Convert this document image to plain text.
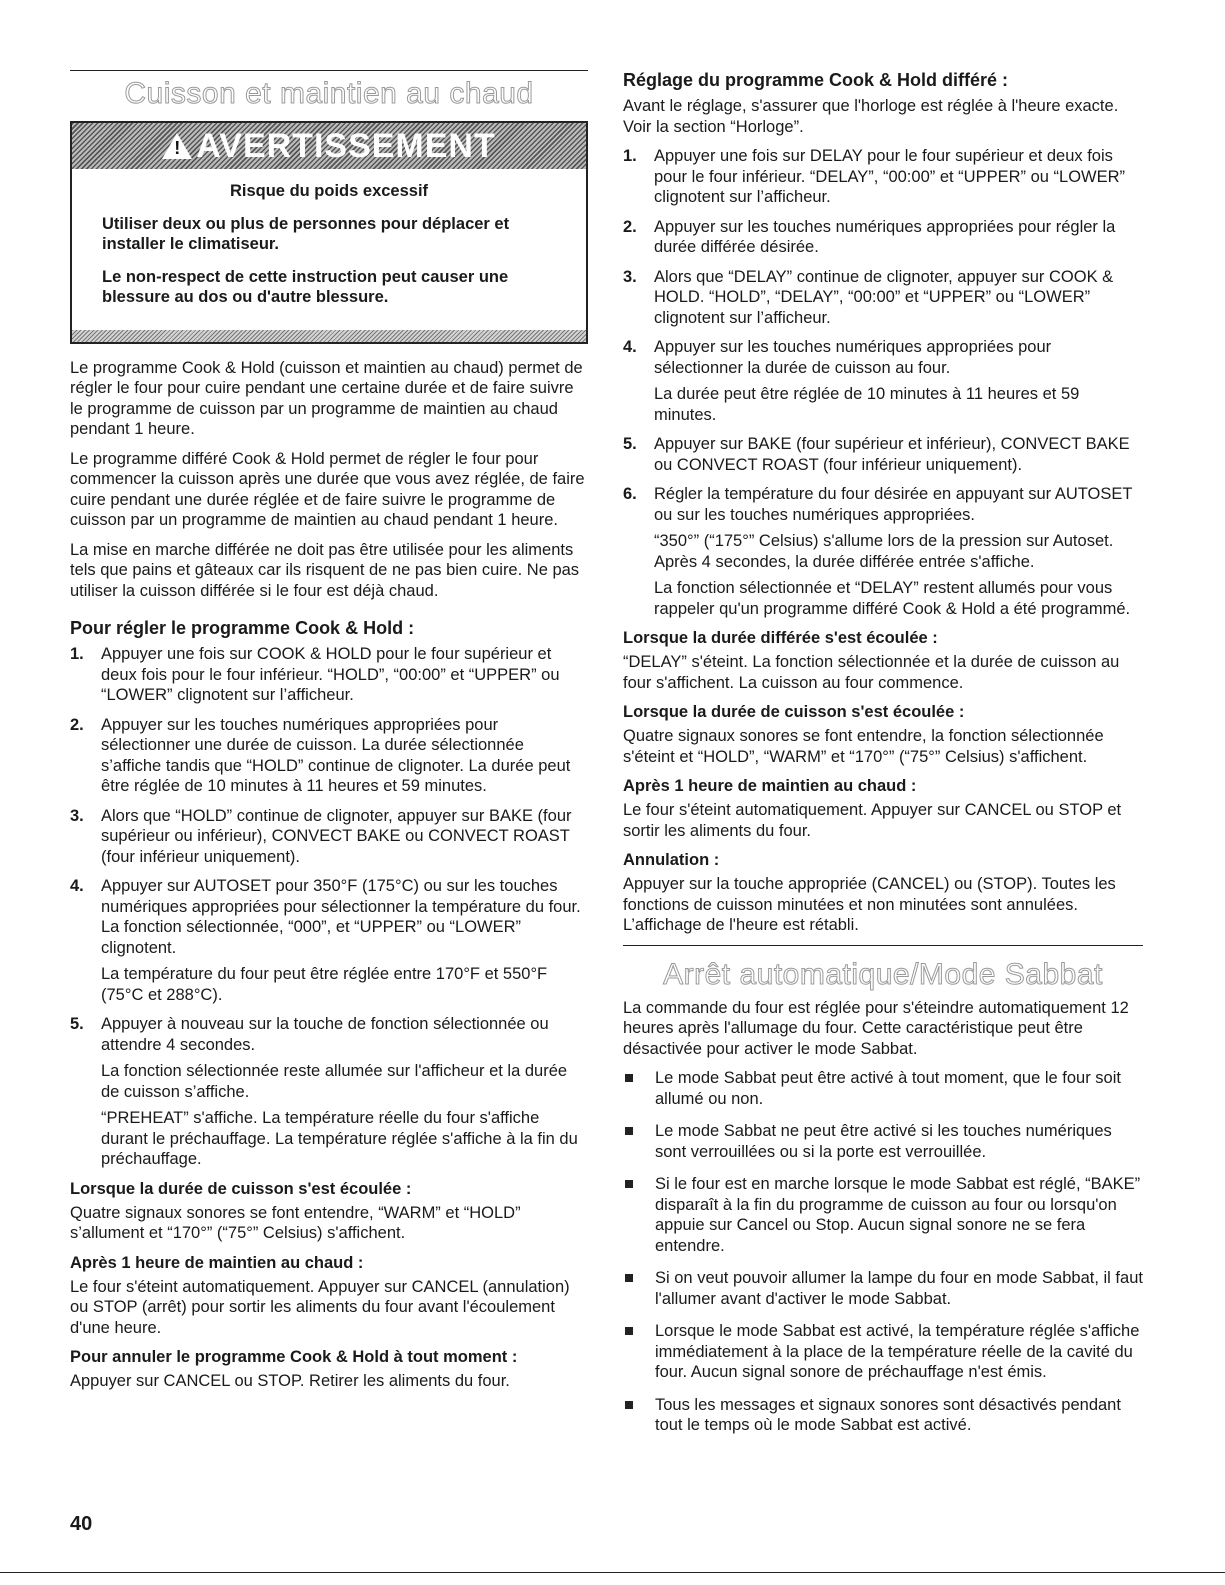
Cuisson et maintien au chaud
! AVERTISSEMENT

Risque du poids excessif

Utiliser deux ou plus de personnes pour déplacer et installer le climatiseur.

Le non-respect de cette instruction peut causer une blessure au dos ou d'autre blessure.

Le programme Cook & Hold (cuisson et maintien au chaud) permet de régler le four pour cuire pendant une certaine durée et de faire suivre le programme de cuisson par un programme de maintien au chaud pendant 1 heure.

Le programme différé Cook & Hold permet de régler le four pour commencer la cuisson après une durée que vous avez réglée, de faire cuire pendant une durée réglée et de faire suivre le programme de cuisson par un programme de maintien au chaud pendant 1 heure.

La mise en marche différée ne doit pas être utilisée pour les aliments tels que pains et gâteaux car ils risquent de ne pas bien cuire. Ne pas utiliser la cuisson différée si le four est déjà chaud.

Pour régler le programme Cook & Hold :
1. Appuyer une fois sur COOK & HOLD pour le four supérieur et deux fois pour le four inférieur. “HOLD”, “00:00” et “UPPER” ou “LOWER” clignotent sur l’afficheur.

2. Appuyer sur les touches numériques appropriées pour sélectionner une durée de cuisson. La durée sélectionnée s’affiche tandis que “HOLD” continue de clignoter. La durée peut être réglée de 10 minutes à 11 heures et 59 minutes.

3. Alors que “HOLD” continue de clignoter, appuyer sur BAKE (four supérieur ou inférieur), CONVECT BAKE ou CONVECT ROAST (four inférieur uniquement).

4. Appuyer sur AUTOSET pour 350°F (175°C) ou sur les touches numériques appropriées pour sélectionner la température du four. La fonction sélectionnée, “000”, et “UPPER” ou “LOWER” clignotent.

La température du four peut être réglée entre 170°F et 550°F (75°C et 288°C).

5. Appuyer à nouveau sur la touche de fonction sélectionnée ou attendre 4 secondes.

La fonction sélectionnée reste allumée sur l'afficheur et la durée de cuisson s’affiche.

“PREHEAT” s'affiche. La température réelle du four s'affiche durant le préchauffage. La température réglée s'affiche à la fin du préchauffage.

Lorsque la durée de cuisson s'est écoulée :

Quatre signaux sonores se font entendre, “WARM” et “HOLD” s’allument et “170°” (“75°” Celsius) s'affichent.

Après 1 heure de maintien au chaud :

Le four s'éteint automatiquement. Appuyer sur CANCEL (annulation) ou STOP (arrêt) pour sortir les aliments du four avant l'écoulement d'une heure.

Pour annuler le programme Cook & Hold à tout moment :

Appuyer sur CANCEL ou STOP. Retirer les aliments du four.

Réglage du programme Cook & Hold différé :

Avant le réglage, s'assurer que l'horloge est réglée à l'heure exacte. Voir la section “Horloge”.

1. Appuyer une fois sur DELAY pour le four supérieur et deux fois pour le four inférieur. “DELAY”, “00:00” et “UPPER” ou “LOWER” clignotent sur l’afficheur.

2. Appuyer sur les touches numériques appropriées pour régler la durée différée désirée.

3. Alors que “DELAY” continue de clignoter, appuyer sur COOK & HOLD. “HOLD”, “DELAY”, “00:00” et “UPPER” ou “LOWER” clignotent sur l’afficheur.

4. Appuyer sur les touches numériques appropriées pour sélectionner la durée de cuisson au four.

La durée peut être réglée de 10 minutes à 11 heures et 59 minutes.

5. Appuyer sur BAKE (four supérieur et inférieur), CONVECT BAKE ou CONVECT ROAST (four inférieur uniquement).

6. Régler la température du four désirée en appuyant sur AUTOSET ou sur les touches numériques appropriées.

“350°” (“175°” Celsius) s'allume lors de la pression sur Autoset. Après 4 secondes, la durée différée entrée s'affiche.

La fonction sélectionnée et “DELAY” restent allumés pour vous rappeler qu'un programme différé Cook & Hold a été programmé.

Lorsque la durée différée s'est écoulée :

“DELAY” s'éteint. La fonction sélectionnée et la durée de cuisson au four s'affichent. La cuisson au four commence.

Lorsque la durée de cuisson s'est écoulée :

Quatre signaux sonores se font entendre, la fonction sélectionnée s'éteint et “HOLD”, “WARM” et “170°” (“75°” Celsius) s'affichent.

Après 1 heure de maintien au chaud :

Le four s'éteint automatiquement. Appuyer sur CANCEL ou STOP et sortir les aliments du four.

Annulation :

Appuyer sur la touche appropriée (CANCEL) ou (STOP). Toutes les fonctions de cuisson minutées et non minutées sont annulées. L’affichage de l'heure est rétabli.

Arrêt automatique/Mode Sabbat

La commande du four est réglée pour s'éteindre automatiquement 12 heures après l'allumage du four. Cette caractéristique peut être désactivée pour activer le mode Sabbat.

Le mode Sabbat peut être activé à tout moment, que le four soit allumé ou non.
Le mode Sabbat ne peut être activé si les touches numériques sont verrouillées ou si la porte est verrouillée.
Si le four est en marche lorsque le mode Sabbat est réglé, “BAKE” disparaît à la fin du programme de cuisson au four ou lorsqu'on appuie sur Cancel ou Stop. Aucun signal sonore ne se fera entendre.
Si on veut pouvoir allumer la lampe du four en mode Sabbat, il faut l'allumer avant d'activer le mode Sabbat.
Lorsque le mode Sabbat est activé, la température réglée s'affiche immédiatement à la place de la température réelle de la cavité du four. Aucun signal sonore de préchauffage n'est émis.
Tous les messages et signaux sonores sont désactivés pendant tout le temps où le mode Sabbat est activé.
40
